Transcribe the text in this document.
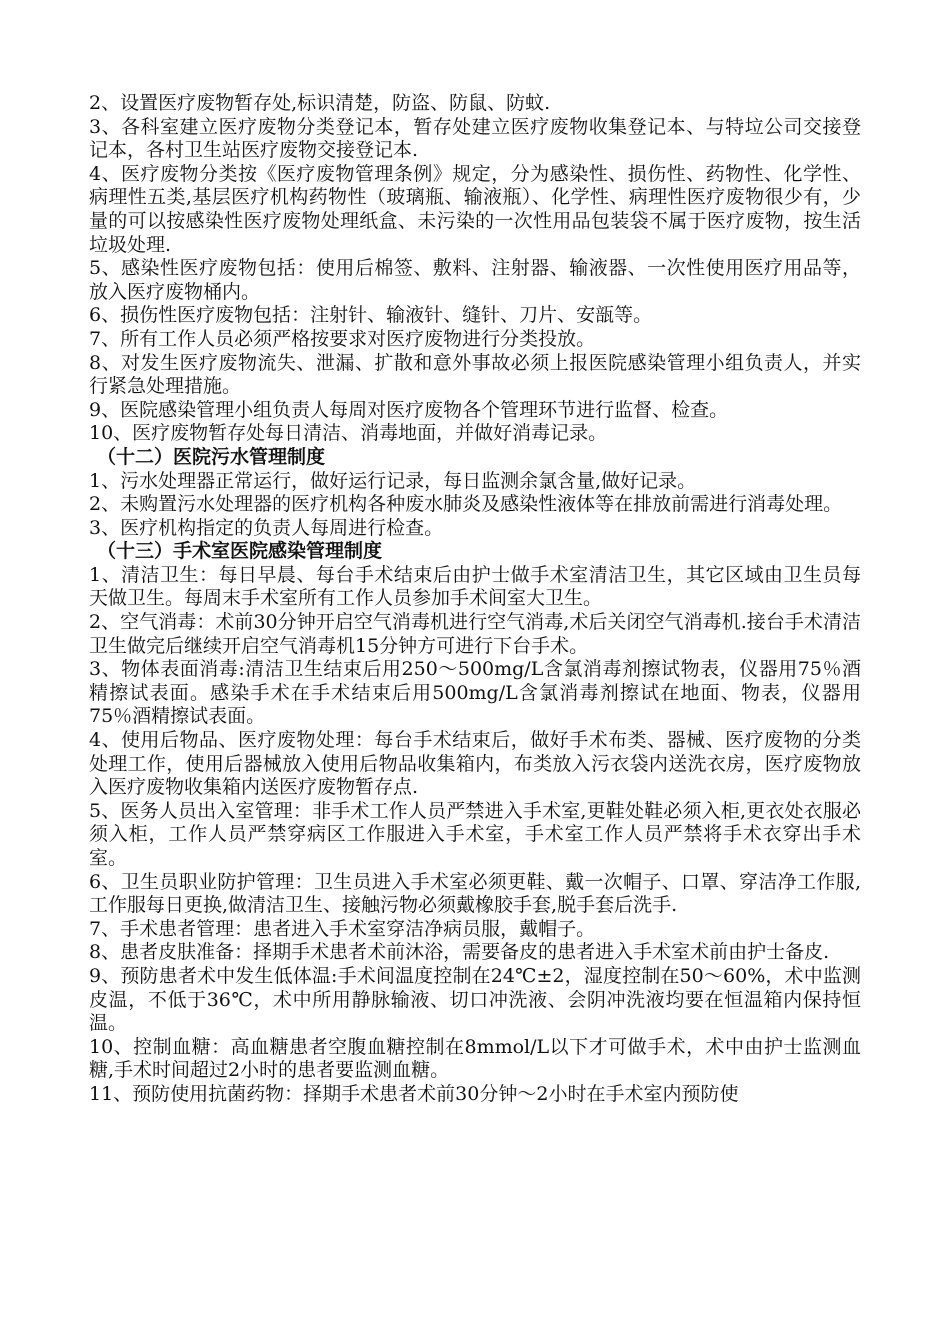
2、设置医疗废物暂存处,标识清楚，防盗、防鼠、防蚊.

3、各科室建立医疗废物分类登记本，暂存处建立医疗废物收集登记本、与特垃公司交接登记本，各村卫生站医疗废物交接登记本.

4、医疗废物分类按《医疗废物管理条例》规定，分为感染性、损伤性、药物性、化学性、病理性五类,基层医疗机构药物性（玻璃瓶、输液瓶）、化学性、病理性医疗废物很少有，少量的可以按感染性医疗废物处理纸盒、未污染的一次性用品包装袋不属于医疗废物，按生活垃圾处理.

5、感染性医疗废物包括：使用后棉签、敷料、注射器、输液器、一次性使用医疗用品等，放入医疗废物桶内。

6、损伤性医疗废物包括：注射针、输液针、缝针、刀片、安瓿等。

7、所有工作人员必须严格按要求对医疗废物进行分类投放。

8、对发生医疗废物流失、泄漏、扩散和意外事故必须上报医院感染管理小组负责人，并实行紧急处理措施。

9、医院感染管理小组负责人每周对医疗废物各个管理环节进行监督、检查。

10、医疗废物暂存处每日清洁、消毒地面，并做好消毒记录。

（十二）医院污水管理制度

1、污水处理器正常运行，做好运行记录，每日监测余氯含量,做好记录。

2、未购置污水处理器的医疗机构各种废水肺炎及感染性液体等在排放前需进行消毒处理。

3、医疗机构指定的负责人每周进行检查。

（十三）手术室医院感染管理制度

1、清洁卫生：每日早晨、每台手术结束后由护士做手术室清洁卫生，其它区域由卫生员每天做卫生。每周末手术室所有工作人员参加手术间室大卫生。

2、空气消毒：术前30分钟开启空气消毒机进行空气消毒,术后关闭空气消毒机.接台手术清洁卫生做完后继续开启空气消毒机15分钟方可进行下台手术。

3、物体表面消毒:清洁卫生结束后用250～500mg/L含氯消毒剂擦试物表，仪器用75％酒精擦试表面。感染手术在手术结束后用500mg/L含氯消毒剂擦试在地面、物表，仪器用75％酒精擦试表面。

4、使用后物品、医疗废物处理：每台手术结束后，做好手术布类、器械、医疗废物的分类处理工作，使用后器械放入使用后物品收集箱内，布类放入污衣袋内送洗衣房，医疗废物放入医疗废物收集箱内送医疗废物暂存点.

5、医务人员出入室管理：非手术工作人员严禁进入手术室,更鞋处鞋必须入柜,更衣处衣服必须入柜，工作人员严禁穿病区工作服进入手术室，手术室工作人员严禁将手术衣穿出手术室。

6、卫生员职业防护管理：卫生员进入手术室必须更鞋、戴一次帽子、口罩、穿洁净工作服,工作服每日更换,做清洁卫生、接触污物必须戴橡胶手套,脱手套后洗手.

7、手术患者管理：患者进入手术室穿洁净病员服，戴帽子。

8、患者皮肤准备：择期手术患者术前沐浴，需要备皮的患者进入手术室术前由护士备皮.

9、预防患者术中发生低体温:手术间温度控制在24℃±2，湿度控制在50～60%，术中监测皮温，不低于36℃，术中所用静脉输液、切口冲洗液、会阴冲洗液均要在恒温箱内保持恒温。

10、控制血糖：高血糖患者空腹血糖控制在8mmol/L以下才可做手术，术中由护士监测血糖,手术时间超过2小时的患者要监测血糖。

11、预防使用抗菌药物：择期手术患者术前30分钟～2小时在手术室内预防使
